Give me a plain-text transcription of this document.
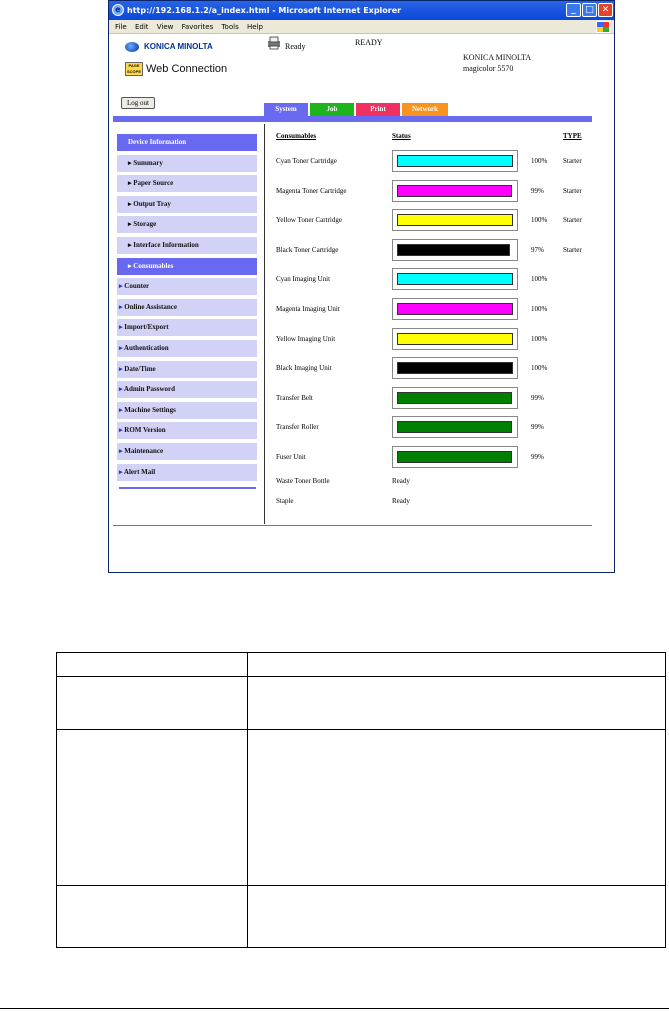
e http://192.168.1.2/a_index.html - Microsoft Internet Explorer	_	□ ✕
File Edit View Favorites Tools Help
KONICA MINOLTA
PAGE SCOPE Web Connection
Ready	READY
KONICA MINOLTA
magicolor 5570
Log out
System	Job	Print	Network
Device Information
▸ Summary
▸ Paper Source
▸ Output Tray
▸ Storage
▸ Interface Information
▸ Consumables
▸ Counter
▸ Online Assistance
▸ Import/Export
▸ Authentication
▸ Date/Time
▸ Admin Password
▸ Machine Settings
▸ ROM Version
▸ Maintenance
▸ Alert Mail
Consumables	Status	TYPE
Cyan Toner Cartridge	100% Starter
Magenta Toner Cartridge	99%	Starter
Yellow Toner Cartridge	100% Starter
Black Toner Cartridge	97%	Starter
Cyan Imaging Unit	100%
Magenta Imaging Unit	100%
Yellow Imaging Unit	100%
Black Imaging Unit	100%
Transfer Belt	99%
Transfer Roller	99%
Fuser Unit	99%
Waste Toner Bottle	Ready
Staple	Ready
